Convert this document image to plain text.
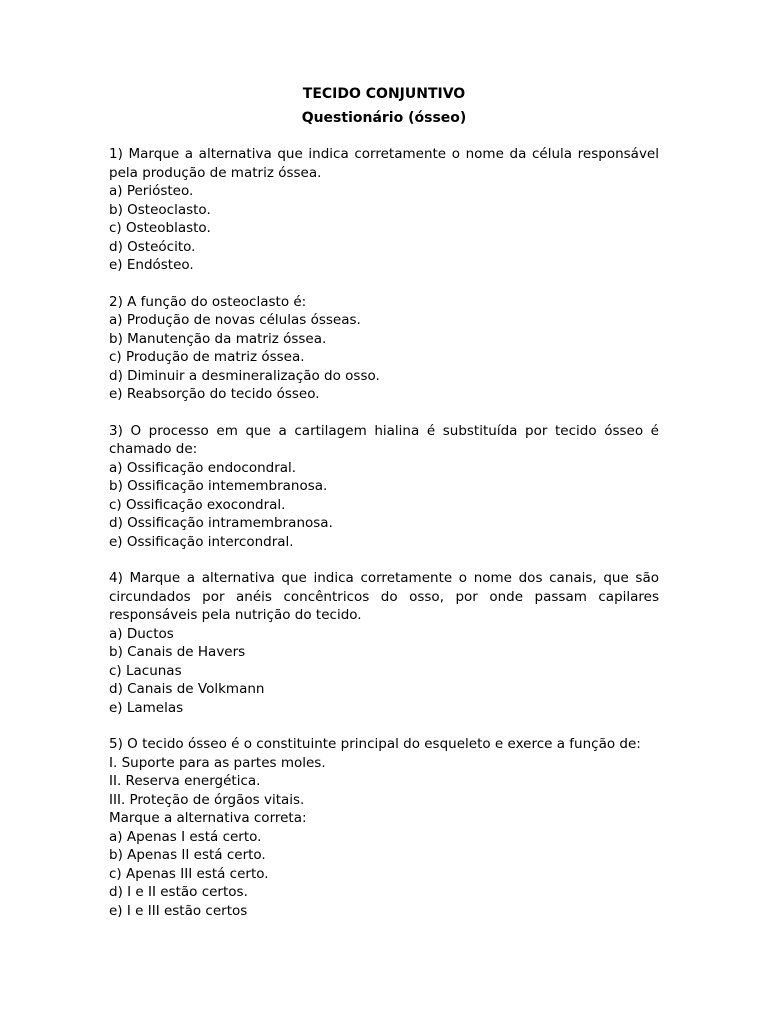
TECIDO CONJUNTIVO

Questionário (ósseo)

1) Marque a alternativa que indica corretamente o nome da célula responsável pela produção de matriz óssea.

a) Periósteo.

b) Osteoclasto.

c) Osteoblasto.

d) Osteócito.

e) Endósteo.

2) A função do osteoclasto é:

a) Produção de novas células ósseas.

b) Manutenção da matriz óssea.

c) Produção de matriz óssea.

d) Diminuir a desmineralização do osso.

e) Reabsorção do tecido ósseo.

3) O processo em que a cartilagem hialina é substituída por tecido ósseo é chamado de:

a) Ossificação endocondral.

b) Ossificação intemembranosa.

c) Ossificação exocondral.

d) Ossificação intramembranosa.

e) Ossificação intercondral.

4) Marque a alternativa que indica corretamente o nome dos canais, que são circundados por anéis concêntricos do osso, por onde passam capilares responsáveis pela nutrição do tecido.

a) Ductos

b) Canais de Havers

c) Lacunas

d) Canais de Volkmann

e) Lamelas

5) O tecido ósseo é o constituinte principal do esqueleto e exerce a função de:

I. Suporte para as partes moles.

II. Reserva energética.

III. Proteção de órgãos vitais.

Marque a alternativa correta:

a) Apenas I está certo.

b) Apenas II está certo.

c) Apenas III está certo.

d) I e II estão certos.

e) I e III estão certos
